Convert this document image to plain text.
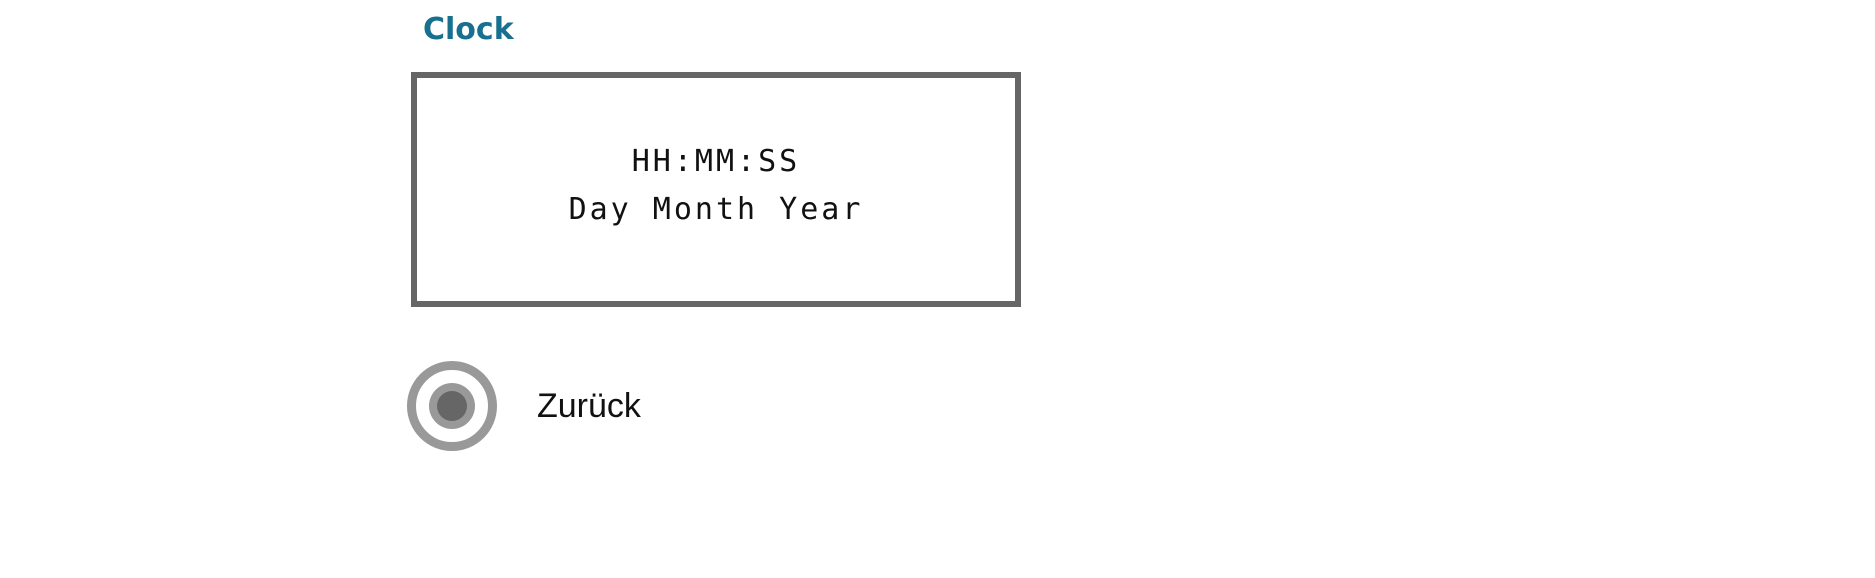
Clock
HH:MM:SS
Day Month Year
Zurück
